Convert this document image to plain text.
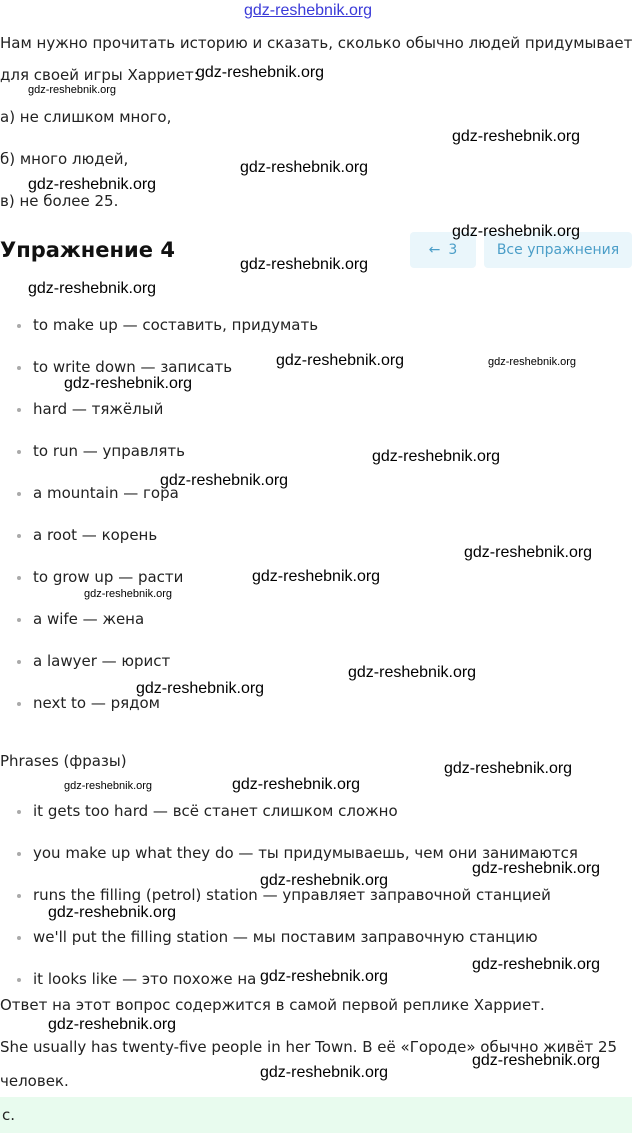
gdz-reshebnik.org
Нам нужно прочитать историю и сказать, сколько обычно людей придумывает
для своей игры Харриет:
а) не слишком много,
б) много людей,
в) не более 25.
Упражнение 4	← 3	Все упражнения
to make up — составить, придумать
to write down — записать
hard — тяжёлый
to run — управлять
a mountain — гора
a root — корень
to grow up — расти
a wife — жена
a lawyer — юрист
next to — рядом
Phrases (фразы)
it gets too hard — всё станет слишком сложно
you make up what they do — ты придумываешь, чем они занимаются
runs the filling (petrol) station — управляет заправочной станцией
we'll put the filling station — мы поставим заправочную станцию
it looks like — это похоже на
Ответ на этот вопрос содержится в самой первой реплике Харриет.
She usually has twenty-five people in her Town. В её «Городе» обычно живёт 25
человек.
c.
gdz-reshebnik.org
gdz-reshebnik.org
gdz-reshebnik.org
gdz-reshebnik.org
gdz-reshebnik.org
gdz-reshebnik.org
gdz-reshebnik.org
gdz-reshebnik.org
gdz-reshebnik.org	gdz-reshebnik.org
gdz-reshebnik.org
gdz-reshebnik.org
gdz-reshebnik.org
gdz-reshebnik.org
gdz-reshebnik.org
gdz-reshebnik.org
gdz-reshebnik.org
gdz-reshebnik.org
gdz-reshebnik.org
gdz-reshebnik.org
gdz-reshebnik.org
gdz-reshebnik.org
gdz-reshebnik.org
gdz-reshebnik.org
gdz-reshebnik.org
gdz-reshebnik.org
gdz-reshebnik.org
gdz-reshebnik.org
gdz-reshebnik.org
